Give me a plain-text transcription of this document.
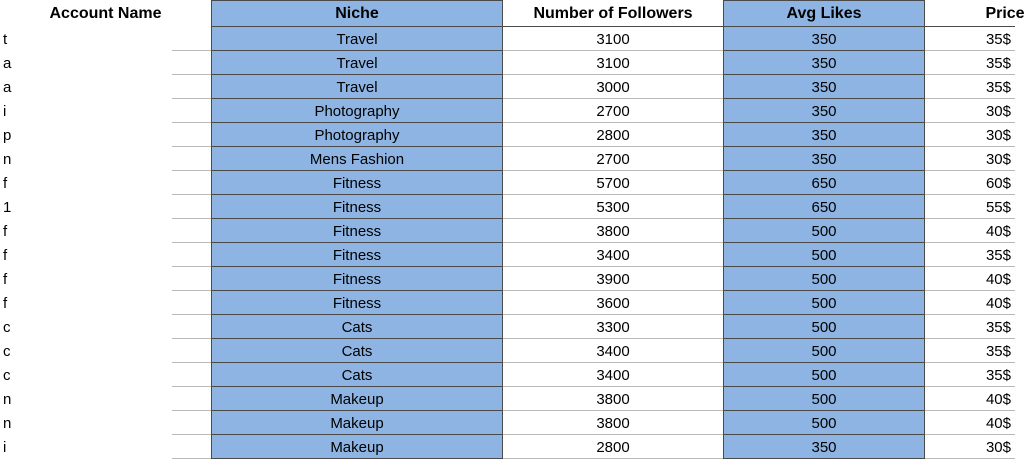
Account Name	Niche	Number of Followers	Avg Likes	Price
t	Travel	3100	350	35$
a	Travel	3100	350	35$
a	Travel	3000	350	35$
i	Photography	2700	350	30$
p	Photography	2800	350	30$
n	Mens Fashion	2700	350	30$
f	Fitness	5700	650	60$
1	Fitness	5300	650	55$
f	Fitness	3800	500	40$
f	Fitness	3400	500	35$
f	Fitness	3900	500	40$
f	Fitness	3600	500	40$
c	Cats	3300	500	35$
c	Cats	3400	500	35$
c	Cats	3400	500	35$
n	Makeup	3800	500	40$
n	Makeup	3800	500	40$
i	Makeup	2800	350	30$
